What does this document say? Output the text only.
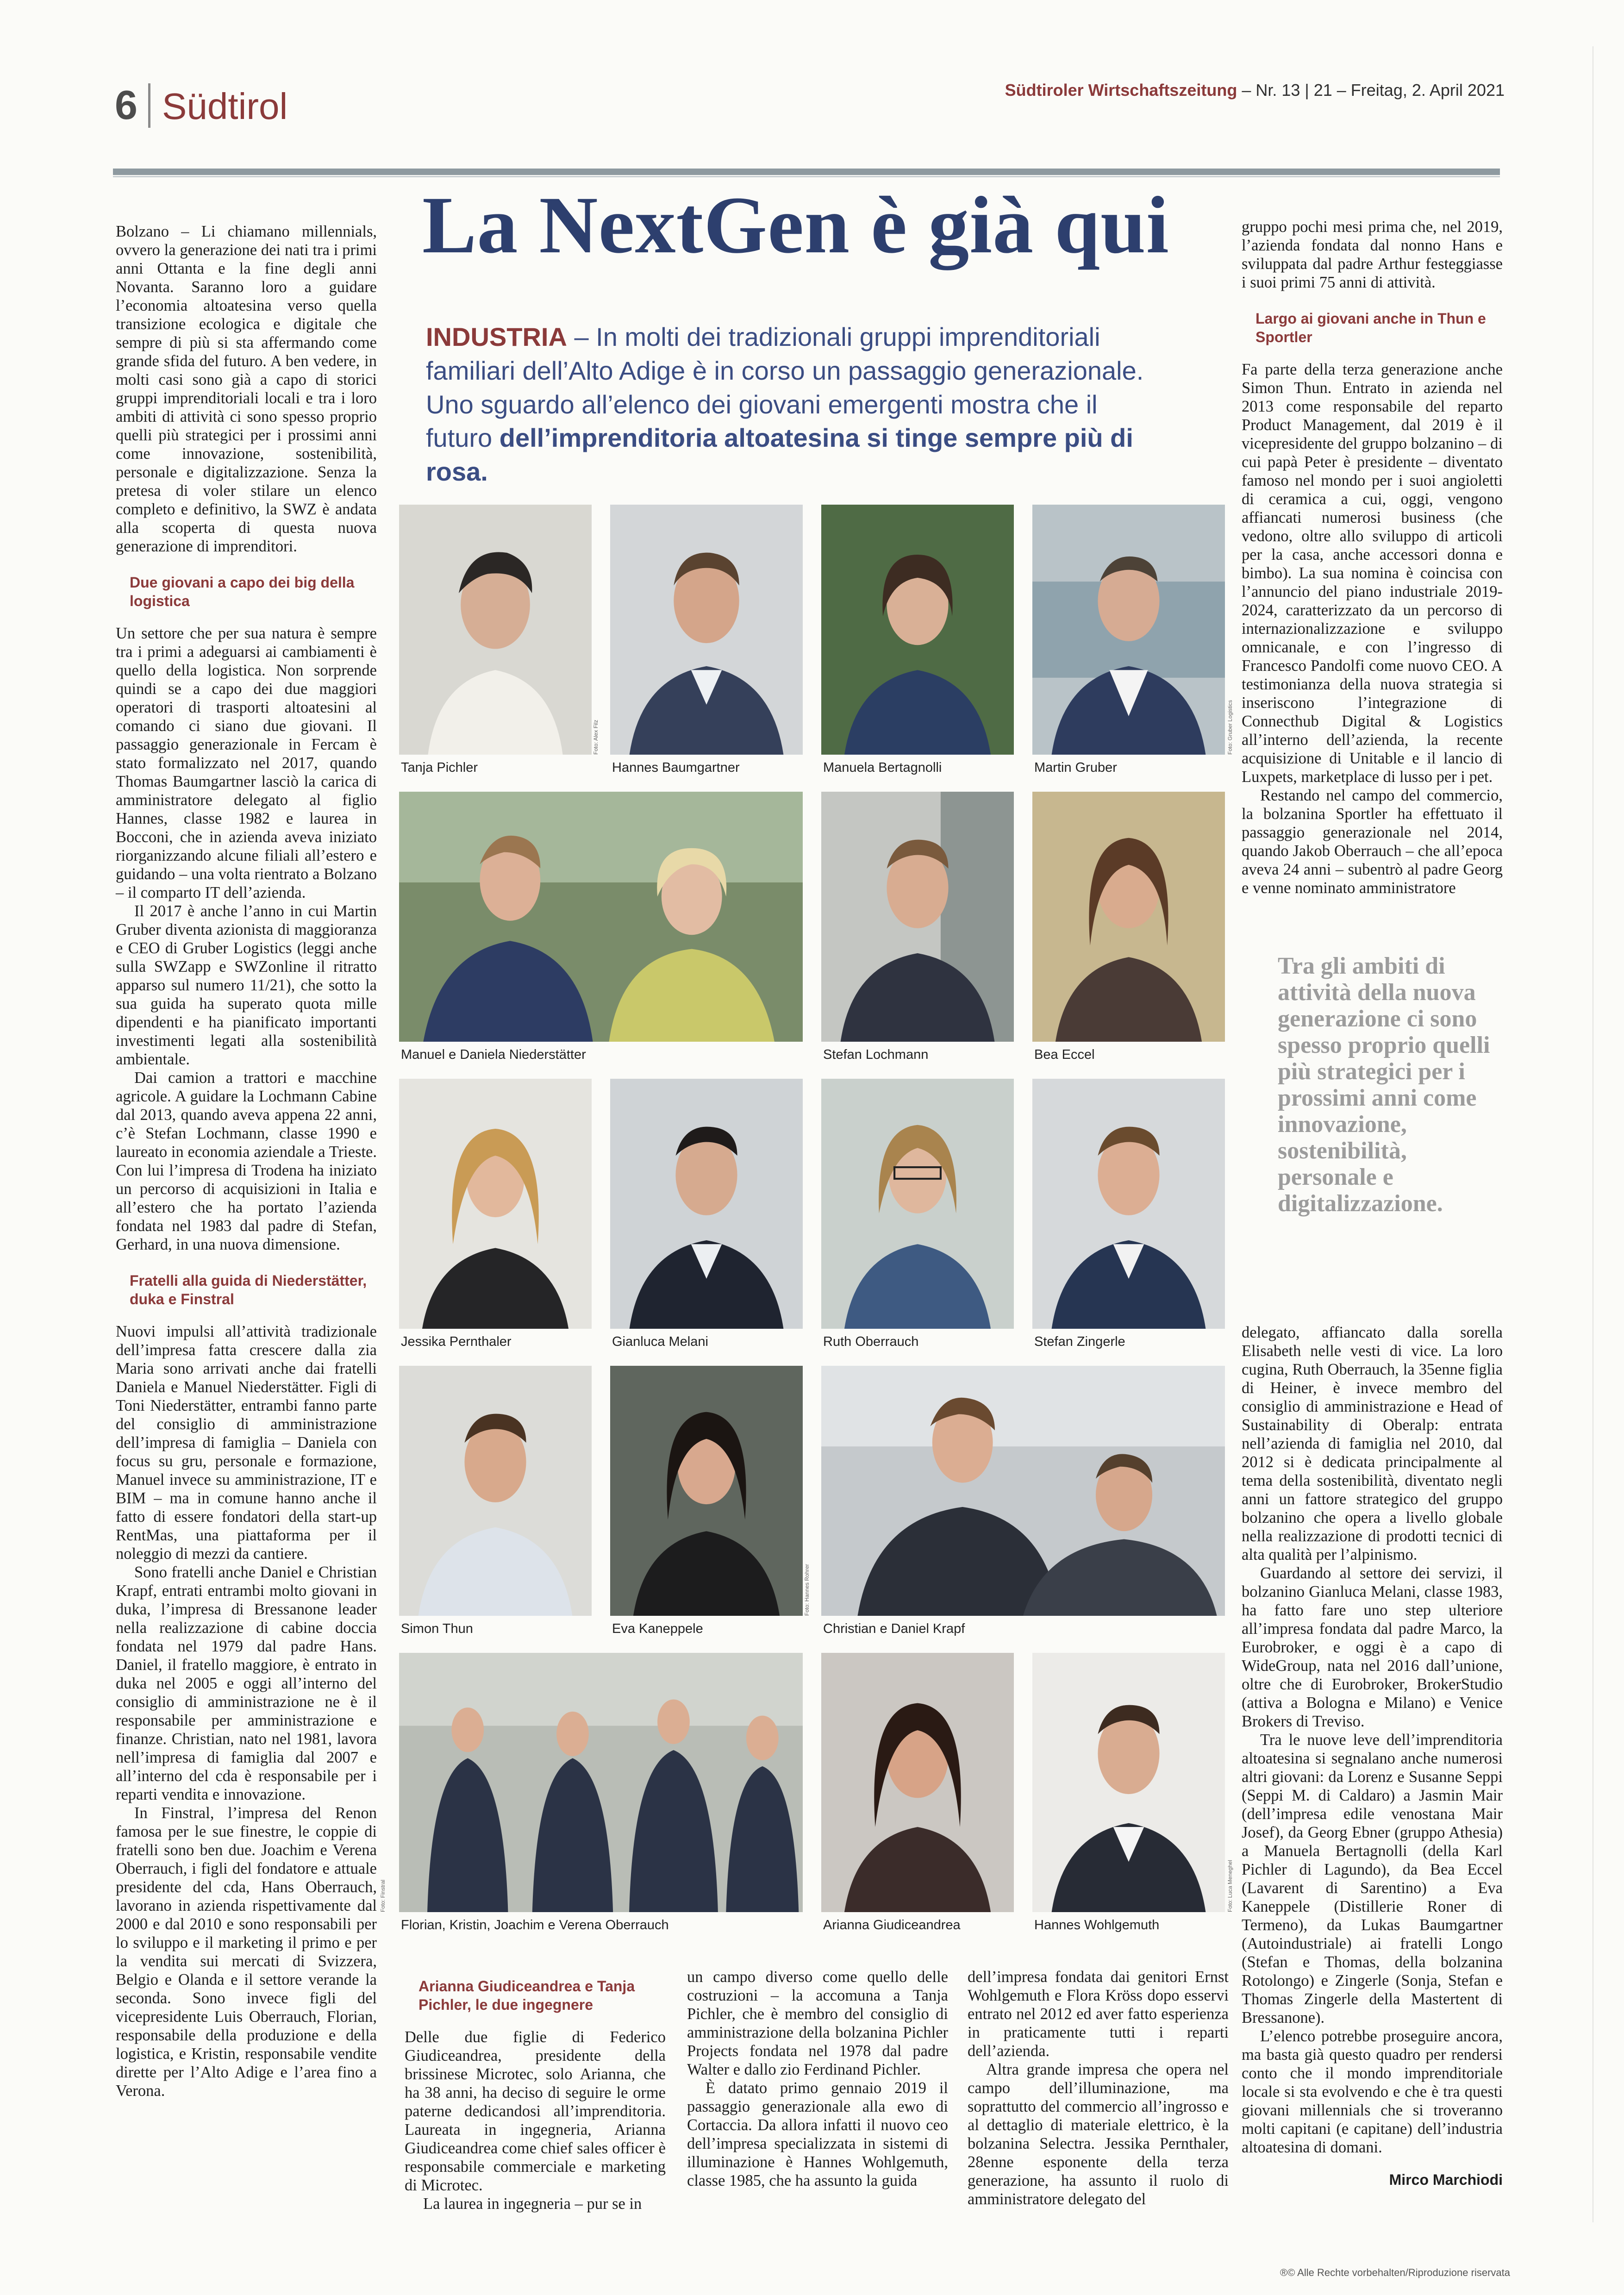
6 Südtirol	Südtiroler Wirtschaftszeitung – Nr. 13 | 21 – Freitag, 2. April 2021
La NextGen è già qui
INDUSTRIA – In molti dei tradizionali gruppi imprenditoriali familiari dell’Alto Adige è in corso un passaggio generazionale. Uno sguardo all’elenco dei giovani emergenti mostra che il futuro dell’imprenditoria altoatesina si tinge sempre più di rosa.

Bolzano – Li chiamano millennials, ovvero la generazione dei nati tra i primi anni Ottanta e la fine degli anni Novanta. Saranno loro a guidare l’economia altoatesina verso quella transizione ecologica e digitale che sempre di più si sta affermando come grande sfida del futuro. A ben vedere, in molti casi sono già a capo di storici gruppi imprenditoriali locali e tra i loro ambiti di attività ci sono spesso proprio quelli più strategici per i prossimi anni come innovazione, sostenibilità, personale e digitalizzazione. Senza la pretesa di voler stilare un elenco completo e definitivo, la SWZ è andata alla scoperta di questa nuova generazione di imprenditori.

Due giovani a capo dei big della logistica

Un settore che per sua natura è sempre tra i primi a adeguarsi ai cambiamenti è quello della logistica. Non sorprende quindi se a capo dei due maggiori operatori di trasporti altoatesini al comando ci siano due giovani. Il passaggio generazionale in Fercam è stato formalizzato nel 2017, quando Thomas Baumgartner lasciò la carica di amministratore delegato al figlio Hannes, classe 1982 e laurea in Bocconi, che in azienda aveva iniziato riorganizzando alcune filiali all’estero e guidando – una volta rientrato a Bolzano – il comparto IT dell’azienda.

Il 2017 è anche l’anno in cui Martin Gruber diventa azionista di maggioranza e CEO di Gruber Logistics (leggi anche sulla SWZapp e SWZonline il ritratto apparso sul numero 11/21), che sotto la sua guida ha superato quota mille dipendenti e ha pianificato importanti investimenti legati alla sostenibilità ambientale.

Dai camion a trattori e macchine agricole. A guidare la Lochmann Cabine dal 2013, quando aveva appena 22 anni, c’è Stefan Lochmann, classe 1990 e laureato in economia aziendale a Trieste. Con lui l’impresa di Trodena ha iniziato un percorso di acquisizioni in Italia e all’estero che ha portato l’azienda fondata nel 1983 dal padre di Stefan, Gerhard, in una nuova dimensione.

Fratelli alla guida di Niederstätter, duka e Finstral

Nuovi impulsi all’attività tradizionale dell’impresa fatta crescere dalla zia Maria sono arrivati anche dai fratelli Daniela e Manuel Niederstätter. Figli di Toni Niederstätter, entrambi fanno parte del consiglio di amministrazione dell’impresa di famiglia – Daniela con focus su gru, personale e formazione, Manuel invece su amministrazione, IT e BIM – ma in comune hanno anche il fatto di essere fondatori della start-up RentMas, una piattaforma per il noleggio di mezzi da cantiere.

Sono fratelli anche Daniel e Christian Krapf, entrati entrambi molto giovani in duka, l’impresa di Bressanone leader nella realizzazione di cabine doccia fondata nel 1979 dal padre Hans. Daniel, il fratello maggiore, è entrato in duka nel 2005 e oggi all’interno del consiglio di amministrazione ne è il responsabile per amministrazione e finanze. Christian, nato nel 1981, lavora nell’impresa di famiglia dal 2007 e all’interno del cda è responsabile per i reparti vendita e innovazione.

In Finstral, l’impresa del Renon famosa per le sue finestre, le coppie di fratelli sono ben due. Joachim e Verena Oberrauch, i figli del fondatore e attuale presidente del cda, Hans Oberrauch, lavorano in azienda rispettivamente dal 2000 e dal 2010 e sono responsabili per lo sviluppo e il marketing il primo e per la vendita sui mercati di Svizzera, Belgio e Olanda e il settore verande la seconda. Sono invece figli del vicepresidente Luis Oberrauch, Florian, responsabile della produzione e della logistica, e Kristin, responsabile vendite dirette per l’Alto Adige e l’area fino a Verona.

gruppo pochi mesi prima che, nel 2019, l’azienda fondata dal nonno Hans e sviluppata dal padre Arthur festeggiasse i suoi primi 75 anni di attività.

Largo ai giovani anche in Thun e Sportler

Fa parte della terza generazione anche Simon Thun. Entrato in azienda nel 2013 come responsabile del reparto Product Management, dal 2019 è il vicepresidente del gruppo bolzanino – di cui papà Peter è presidente – diventato famoso nel mondo per i suoi angioletti di ceramica a cui, oggi, vengono affiancati numerosi business (che vedono, oltre allo sviluppo di articoli per la casa, anche accessori donna e bimbo). La sua nomina è coincisa con l’annuncio del piano industriale 2019-2024, caratterizzato da un percorso di internazionalizzazione e sviluppo omnicanale, e con l’ingresso di Francesco Pandolfi come nuovo CEO. A testimonianza della nuova strategia si inseriscono l’integrazione di Connecthub Digital & Logistics all’interno dell’azienda, la recente acquisizione di Unitable e il lancio di Luxpets, marketplace di lusso per i pet.

Restando nel campo del commercio, la bolzanina Sportler ha effettuato il passaggio generazionale nel 2014, quando Jakob Oberrauch – che all’epoca aveva 24 anni – subentrò al padre Georg e venne nominato amministratore

Tra gli ambiti di attività della nuova generazione ci sono spesso proprio quelli più strategici per i prossimi anni come innovazione, sostenibilità, personale e digitalizzazione.

delegato, affiancato dalla sorella Elisabeth nelle vesti di vice. La loro cugina, Ruth Oberrauch, la 35enne figlia di Heiner, è invece membro del consiglio di amministrazione e Head of Sustainability di Oberalp: entrata nell’azienda di famiglia nel 2010, dal 2012 si è dedicata principalmente al tema della sostenibilità, diventato negli anni un fattore strategico del gruppo bolzanino che opera a livello globale nella realizzazione di prodotti tecnici di alta qualità per l’alpinismo.

Guardando al settore dei servizi, il bolzanino Gianluca Melani, classe 1983, ha fatto fare uno step ulteriore all’impresa fondata dal padre Marco, la Eurobroker, e oggi è a capo di WideGroup, nata nel 2016 dall’unione, oltre che di Eurobroker, BrokerStudio (attiva a Bologna e Milano) e Venice Brokers di Treviso.

Tra le nuove leve dell’imprenditoria altoatesina si segnalano anche numerosi altri giovani: da Lorenz e Susanne Seppi (Seppi M. di Caldaro) a Jasmin Mair (dell’impresa edile venostana Mair Josef), da Georg Ebner (gruppo Athesia) a Manuela Bertagnolli (della Karl Pichler di Lagundo), da Bea Eccel (Lavarent di Sarentino) a Eva Kaneppele (Distillerie Roner di Termeno), da Lukas Baumgartner (Autoindustriale) ai fratelli Longo (Stefan e Thomas, della bolzanina Rotolongo) e Zingerle (Sonja, Stefan e Thomas Zingerle della Mastertent di Bressanone).

L’elenco potrebbe proseguire ancora, ma basta già questo quadro per rendersi conto che il mondo imprenditoriale locale si sta evolvendo e che è tra questi giovani millennials che si troveranno molti capitani (e capitane) dell’industria altoatesina di domani.

Mirco Marchiodi
Arianna Giudiceandrea e Tanja Pichler, le due ingegnere

Delle due figlie di Federico Giudiceandrea, presidente della brissinese Microtec, solo Arianna, che ha 38 anni, ha deciso di seguire le orme paterne dedicandosi all’imprenditoria. Laureata in ingegneria, Arianna Giudiceandrea come chief sales officer è responsabile commerciale e marketing di Microtec.

La laurea in ingegneria – pur se in

un campo diverso come quello delle costruzioni – la accomuna a Tanja Pichler, che è membro del consiglio di amministrazione della bolzanina Pichler Projects fondata nel 1978 dal padre Walter e dallo zio Ferdinand Pichler.

È datato primo gennaio 2019 il passaggio generazionale alla ewo di Cortaccia. Da allora infatti il nuovo ceo dell’impresa specializzata in sistemi di illuminazione è Hannes Wohlgemuth, classe 1985, che ha assunto la guida

dell’impresa fondata dai genitori Ernst Wohlgemuth e Flora Kröss dopo esservi entrato nel 2012 ed aver fatto esperienza in praticamente tutti i reparti dell’azienda.

Altra grande impresa che opera nel campo dell’illuminazione, ma soprattutto del commercio all’ingrosso e al dettaglio di materiale elettrico, è la bolzanina Selectra. Jessika Pernthaler, 28enne esponente della terza generazione, ha assunto il ruolo di amministratore delegato del

Tanja Pichler	Hannes Baumgartner	Manuela Bertagnolli	Martin Gruber
Foto: Alex Filz	Foto: Gruber Logistics
Manuel e Daniela Niederstätter	Stefan Lochmann	Bea Eccel
Jessika Pernthaler	Gianluca Melani	Ruth Oberrauch	Stefan Zingerle
Simon Thun	Eva Kaneppele	Christian e Daniel Krapf
Foto: Hannes Rohrer
Florian, Kristin, Joachim e Verena Oberrauch
Foto: Finstral
Arianna Giudiceandrea	Hannes Wohlgemuth
Foto: Luca Meneghel
®© Alle Rechte vorbehalten/Riproduzione riservata
